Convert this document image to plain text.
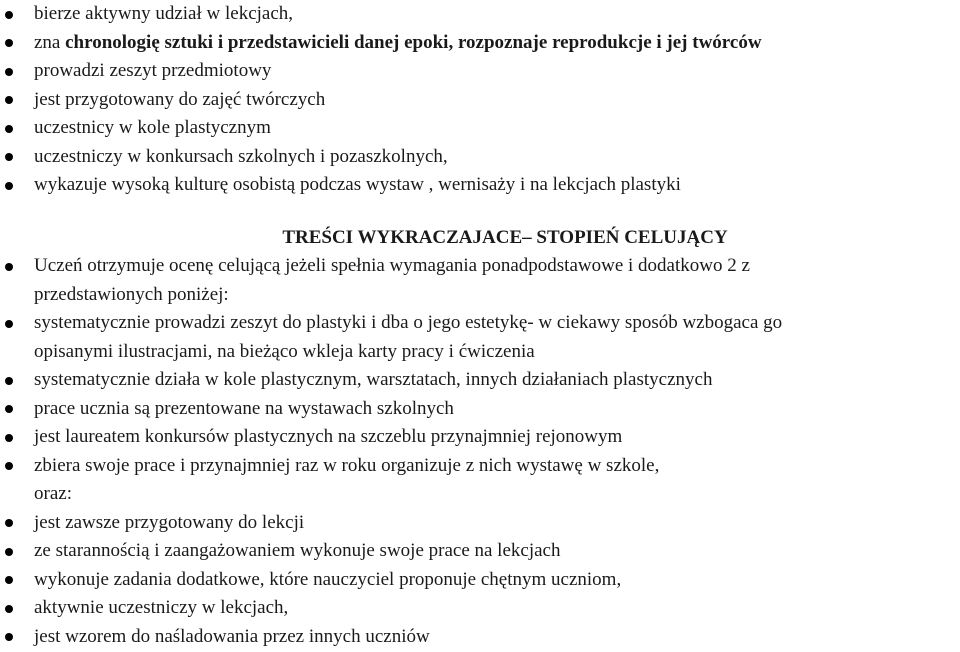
bierze aktywny udział w lekcjach,
zna chronologię sztuki i przedstawicieli danej epoki, rozpoznaje reprodukcje i jej twórców
prowadzi zeszyt przedmiotowy
jest przygotowany do zajęć twórczych
uczestnicy w kole plastycznym
uczestniczy w konkursach szkolnych i pozaszkolnych,
wykazuje wysoką kulturę osobistą podczas wystaw , wernisaży i na lekcjach plastyki
TREŚCI WYKRACZAJACE– STOPIEŃ CELUJĄCY
Uczeń otrzymuje ocenę celującą jeżeli spełnia wymagania ponadpodstawowe i dodatkowo 2 z
przedstawionych poniżej:
systematycznie prowadzi zeszyt do plastyki i dba o jego estetykę- w ciekawy sposób wzbogaca go
opisanymi ilustracjami, na bieżąco wkleja karty pracy i ćwiczenia
systematycznie działa w kole plastycznym, warsztatach, innych działaniach plastycznych
prace ucznia są prezentowane na wystawach szkolnych
jest laureatem konkursów plastycznych na szczeblu przynajmniej rejonowym
zbiera swoje prace i przynajmniej raz w roku organizuje z nich wystawę w szkole,
oraz:
jest zawsze przygotowany do lekcji
ze starannością i zaangażowaniem wykonuje swoje prace na lekcjach
wykonuje zadania dodatkowe, które nauczyciel proponuje chętnym uczniom,
aktywnie uczestniczy w lekcjach,
jest wzorem do naśladowania przez innych uczniów
